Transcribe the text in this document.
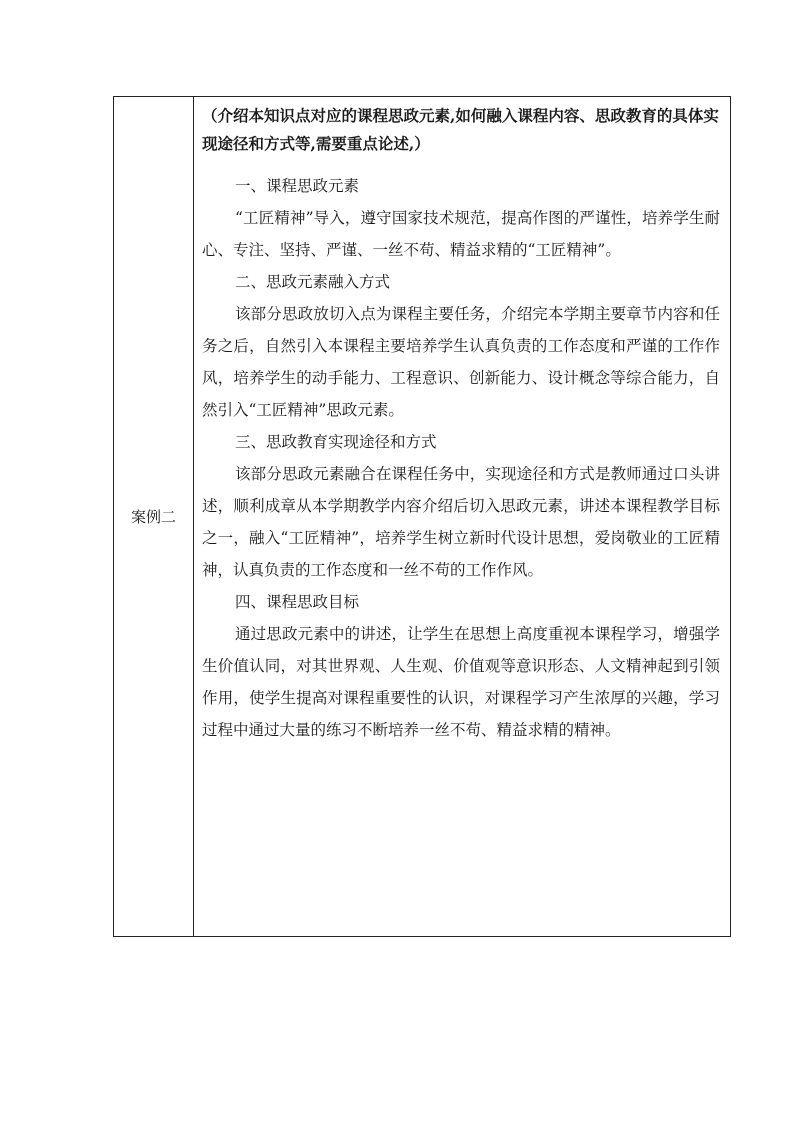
案例二	

（介绍本知识点对应的课程思政元素,如何融入课程内容、思政教育的具体实现途径和方式等,需要重点论述,）

一、课程思政元素

“工匠精神”导入，遵守国家技术规范，提高作图的严谨性，培养学生耐心、专注、坚持、严谨、一丝不苟、精益求精的“工匠精神”。

二、思政元素融入方式

该部分思政放切入点为课程主要任务，介绍完本学期主要章节内容和任务之后，自然引入本课程主要培养学生认真负责的工作态度和严谨的工作作风，培养学生的动手能力、工程意识、创新能力、设计概念等综合能力，自然引入“工匠精神”思政元素。

三、思政教育实现途径和方式

该部分思政元素融合在课程任务中，实现途径和方式是教师通过口头讲述，顺利成章从本学期教学内容介绍后切入思政元素，讲述本课程教学目标之一，融入“工匠精神”，培养学生树立新时代设计思想，爱岗敬业的工匠精神，认真负责的工作态度和一丝不苟的工作作风。

四、课程思政目标

通过思政元素中的讲述，让学生在思想上高度重视本课程学习，增强学生价值认同，对其世界观、人生观、价值观等意识形态、人文精神起到引领作用，使学生提高对课程重要性的认识，对课程学习产生浓厚的兴趣，学习过程中通过大量的练习不断培养一丝不苟、精益求精的精神。
